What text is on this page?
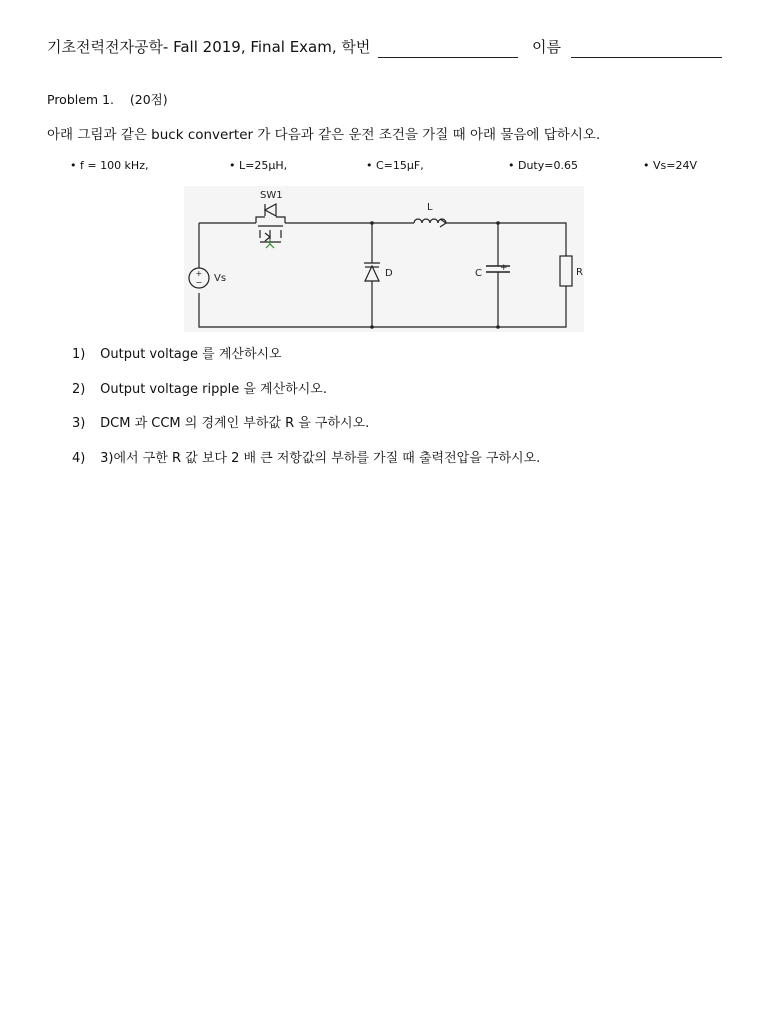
기초전력전자공학- Fall 2019, Final Exam, 학번	이름
Problem 1.    (20점)
아래 그림과 같은 buck converter 가 다음과 같은 운전 조건을 가질 때 아래 물음에 답하시오.
• f = 100 kHz,	• L=25μH,	• C=15μF,	• Duty=0.65	• Vs=24V
SW1
L
+
− Vs	D	C +	R
1) Output voltage 를 계산하시오
2) Output voltage ripple 을 계산하시오.
3) DCM 과 CCM 의 경계인 부하값 R 을 구하시오.
4) 3)에서 구한 R 값 보다 2 배 큰 저항값의 부하를 가질 때 출력전압을 구하시오.
